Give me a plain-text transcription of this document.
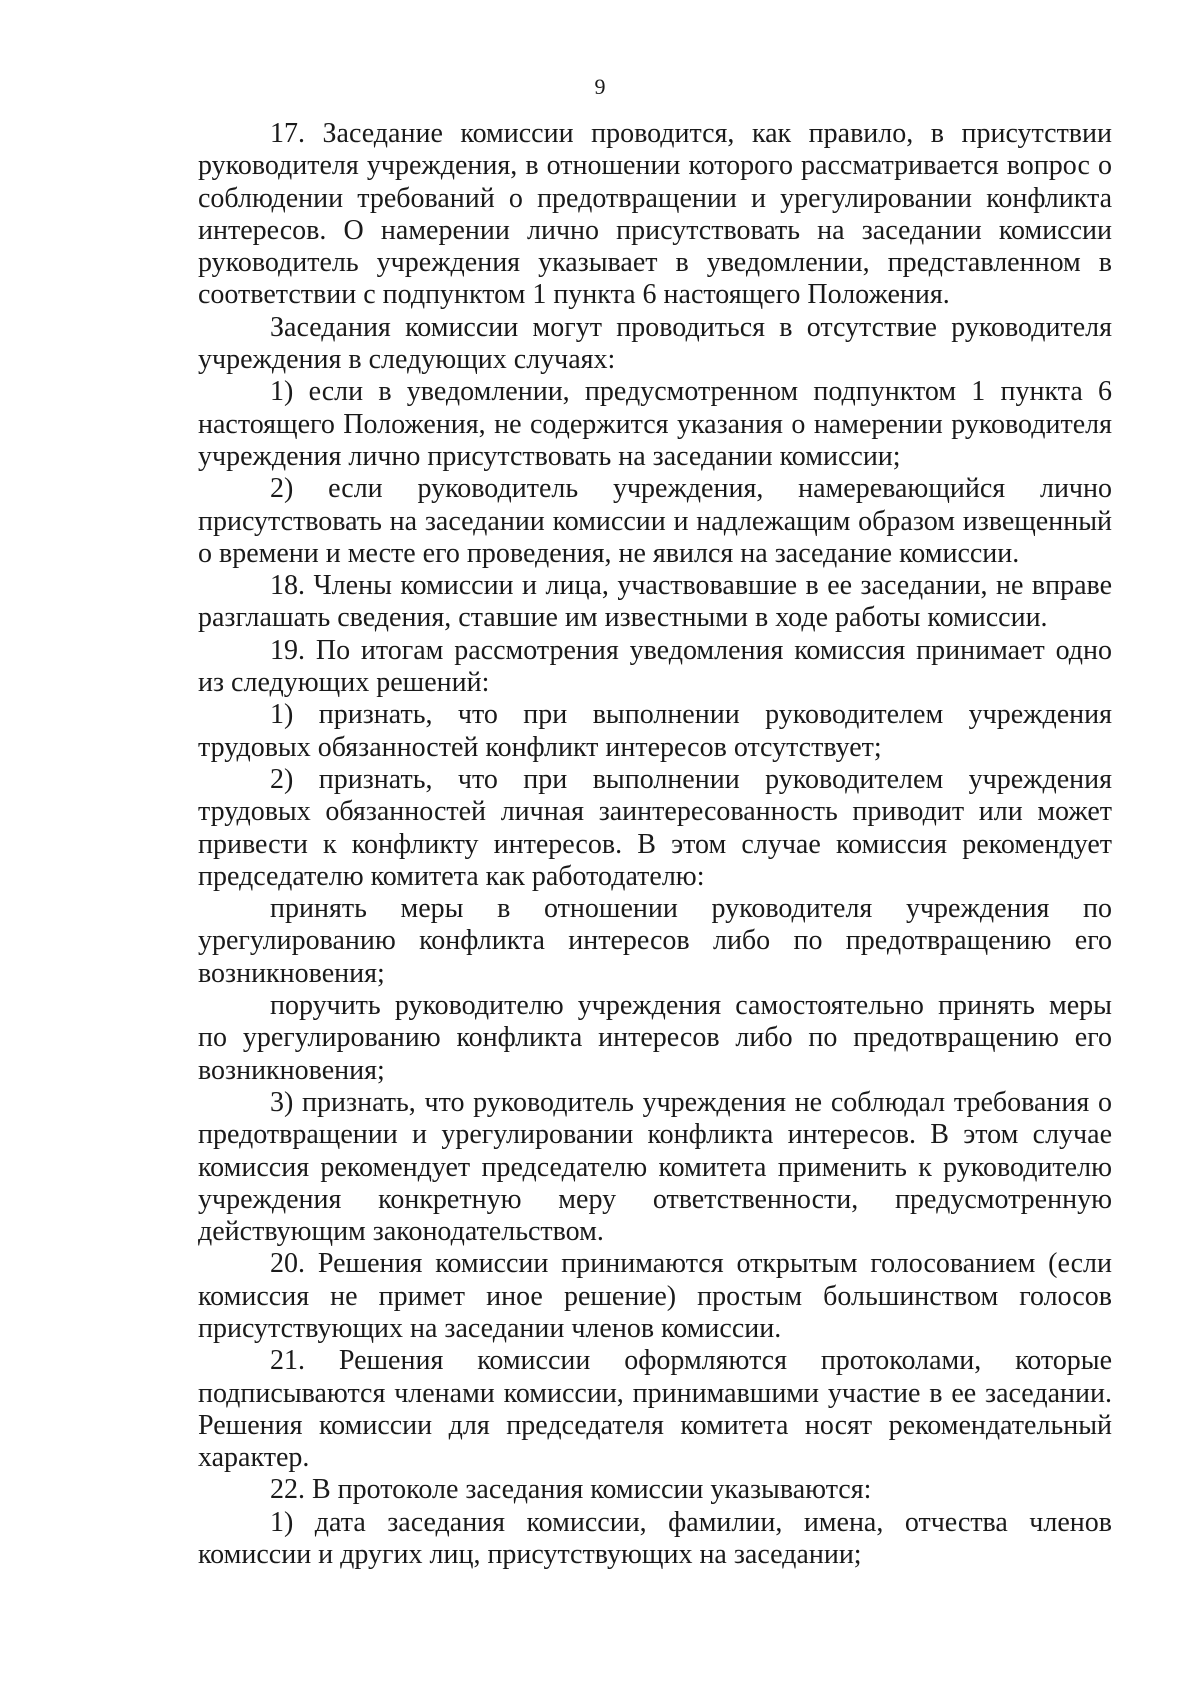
9

17. Заседание комиссии проводится, как правило, в присутствии руководителя учреждения, в отношении которого рассматривается вопрос о соблюдении требований о предотвращении и урегулировании конфликта интересов. О намерении лично присутствовать на заседании комиссии руководитель учреждения указывает в уведомлении, представленном в соответствии с подпунктом 1 пункта 6 настоящего Положения.

Заседания комиссии могут проводиться в отсутствие руководителя учреждения в следующих случаях:

1) если в уведомлении, предусмотренном подпунктом 1 пункта 6 настоящего Положения, не содержится указания о намерении руководителя учреждения лично присутствовать на заседании комиссии;

2) если руководитель учреждения, намеревающийся лично присутствовать на заседании комиссии и надлежащим образом извещенный о времени и месте его проведения, не явился на заседание комиссии.

18. Члены комиссии и лица, участвовавшие в ее заседании, не вправе разглашать сведения, ставшие им известными в ходе работы комиссии.

19. По итогам рассмотрения уведомления комиссия принимает одно из следующих решений:

1) признать, что при выполнении руководителем учреждения трудовых обязанностей конфликт интересов отсутствует;

2) признать, что при выполнении руководителем учреждения трудовых обязанностей личная заинтересованность приводит или может привести к конфликту интересов. В этом случае комиссия рекомендует председателю комитета как работодателю:

принять меры в отношении руководителя учреждения по урегулированию конфликта интересов либо по предотвращению его возникновения;

поручить руководителю учреждения самостоятельно принять меры по урегулированию конфликта интересов либо по предотвращению его возникновения;

3) признать, что руководитель учреждения не соблюдал требования о предотвращении и урегулировании конфликта интересов. В этом случае комиссия рекомендует председателю комитета применить к руководителю учреждения конкретную меру ответственности, предусмотренную действующим законодательством.

20. Решения комиссии принимаются открытым голосованием (если комиссия не примет иное решение) простым большинством голосов присутствующих на заседании членов комиссии.

21. Решения комиссии оформляются протоколами, которые подписываются членами комиссии, принимавшими участие в ее заседании. Решения комиссии для председателя комитета носят рекомендательный характер.

22. В протоколе заседания комиссии указываются:

1) дата заседания комиссии, фамилии, имена, отчества членов комиссии и других лиц, присутствующих на заседании;
